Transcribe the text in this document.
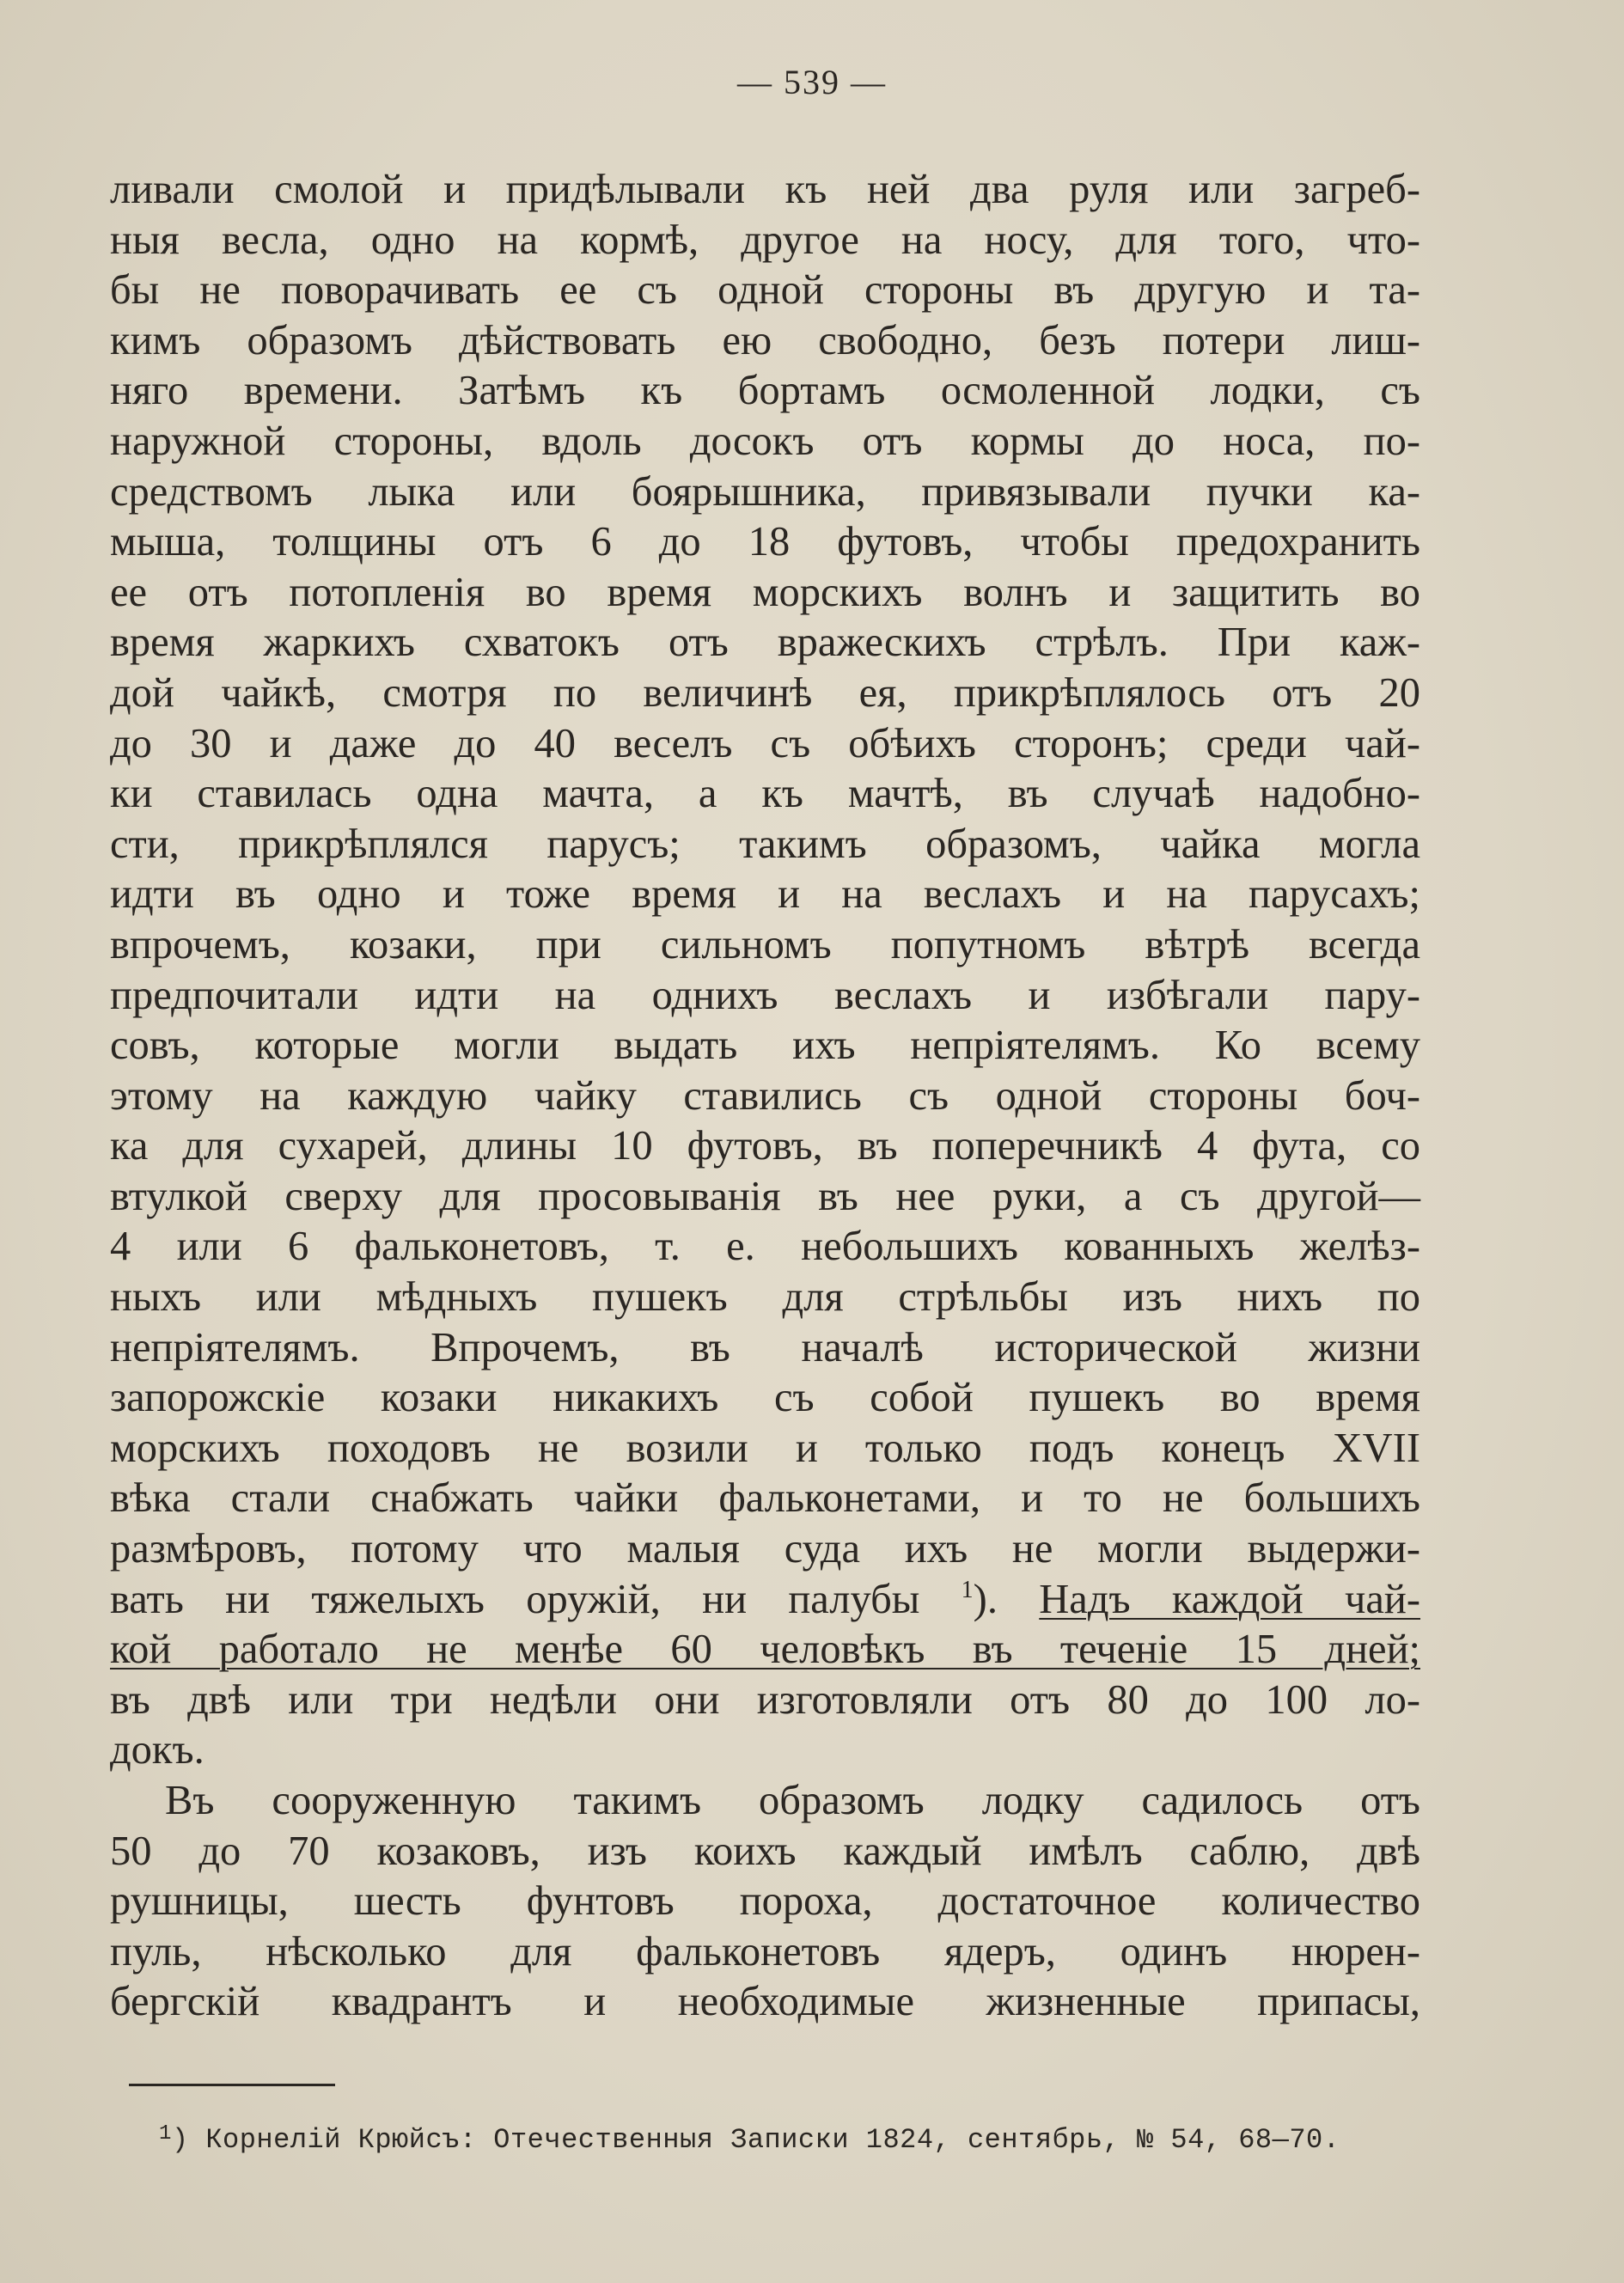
— 539 —
ливали смолой и придѣлывали къ ней два руля или загреб-
ныя весла, одно на кормѣ, другое на носу, для того, что-
бы не поворачивать ее съ одной стороны въ другую и та-
кимъ образомъ дѣйствовать ею свободно, безъ потери лиш-
няго времени. Затѣмъ къ бортамъ осмоленной лодки, съ
наружной стороны, вдоль досокъ отъ кормы до носа, по-
средствомъ лыка или боярышника, привязывали пучки ка-
мыша, толщины отъ 6 до 18 футовъ, чтобы предохранить
ее отъ потопленія во время морскихъ волнъ и защитить во
время жаркихъ схватокъ отъ вражескихъ стрѣлъ. При каж-
дой чайкѣ, смотря по величинѣ ея, прикрѣплялось отъ 20
до 30 и даже до 40 веселъ съ обѣихъ сторонъ; среди чай-
ки ставилась одна мачта, а къ мачтѣ, въ случаѣ надобно-
сти, прикрѣплялся парусъ; такимъ образомъ, чайка могла
идти въ одно и тоже время и на веслахъ и на парусахъ;
впрочемъ, козаки, при сильномъ попутномъ вѣтрѣ всегда
предпочитали идти на однихъ веслахъ и избѣгали пару-
совъ, которые могли выдать ихъ непріятелямъ. Ко всему
этому на каждую чайку ставились съ одной стороны боч-
ка для сухарей, длины 10 футовъ, въ поперечникѣ 4 фута, со
втулкой сверху для просовыванія въ нее руки, а съ другой—
4 или 6 фальконетовъ, т. е. небольшихъ кованныхъ желѣз-
ныхъ или мѣдныхъ пушекъ для стрѣльбы изъ нихъ по
непріятелямъ. Впрочемъ, въ началѣ исторической жизни
запорожскіе козаки никакихъ съ собой пушекъ во время
морскихъ походовъ не возили и только подъ конецъ XVII
вѣка стали снабжать чайки фальконетами, и то не большихъ
размѣровъ, потому что малыя суда ихъ не могли выдержи-
вать ни тяжелыхъ оружій, ни палубы $^1$). Надъ каждой чай-
кой работало не менѣе 60 человѣкъ въ теченіе 15 дней;
въ двѣ или три недѣли они изготовляли отъ 80 до 100 ло-
докъ.
Въ сооруженную такимъ образомъ лодку садилось отъ
50 до 70 козаковъ, изъ коихъ каждый имѣлъ саблю, двѣ
рушницы, шесть фунтовъ пороха, достаточное количество
пуль, нѣсколько для фальконетовъ ядеръ, одинъ нюрен-
бергскій квадрантъ и необходимые жизненные припасы,
$^1$) Корнелій Крюйсъ: Отечественныя Записки 1824, сентябрь, № 54, 68—70.
